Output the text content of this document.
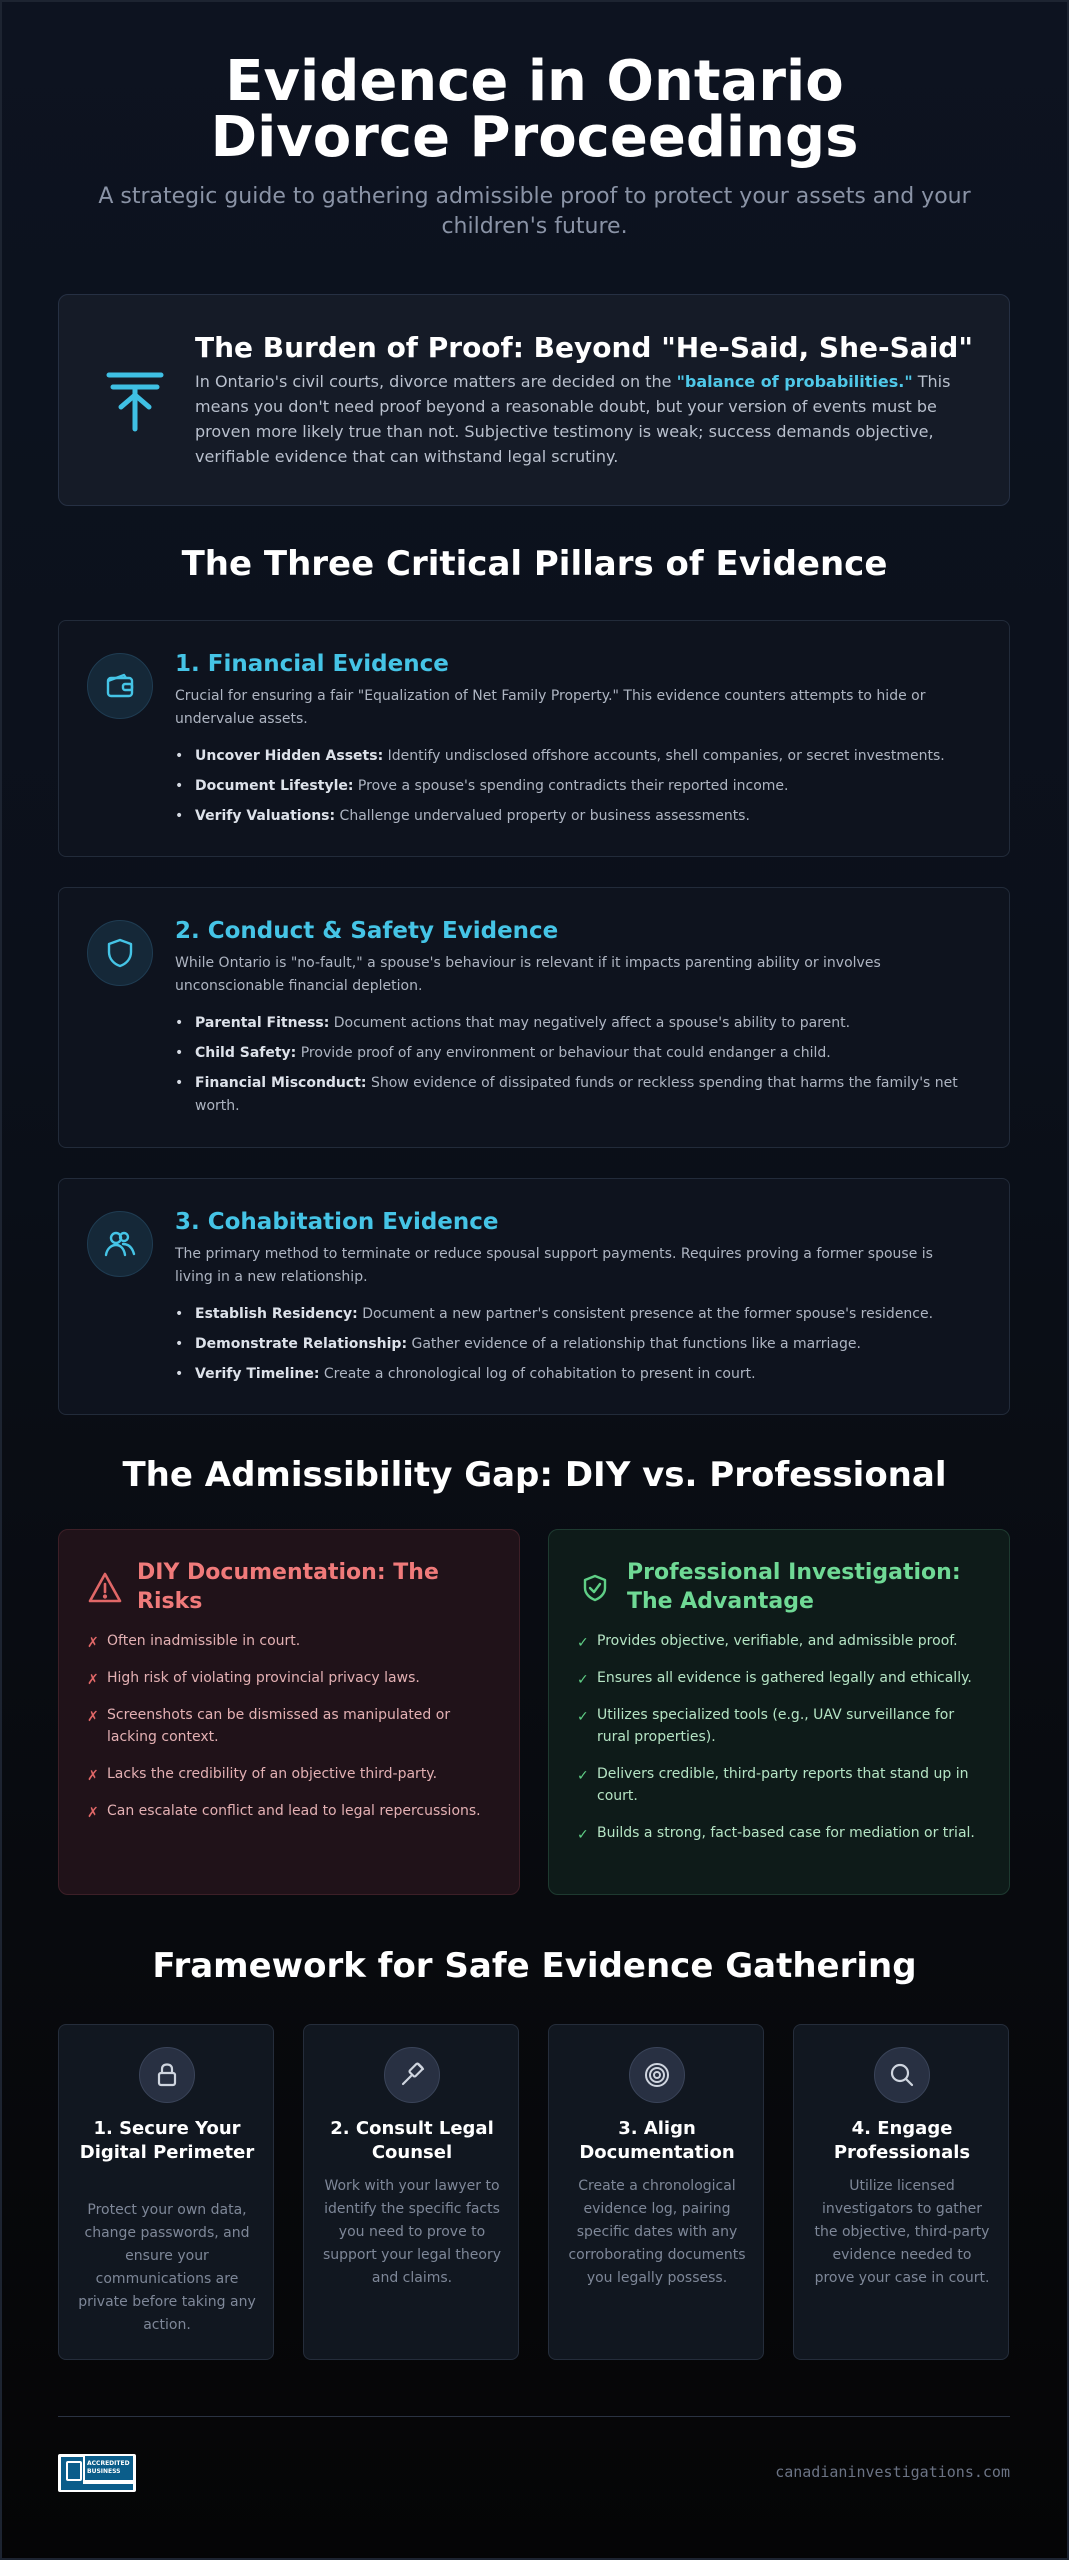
Evidence in Ontario Divorce Proceedings

A strategic guide to gathering admissible proof to protect your assets and your children's future.

The Burden of Proof: Beyond "He-Said, She-Said"

In Ontario's civil courts, divorce matters are decided on the "balance of probabilities." This means you don't need proof beyond a reasonable doubt, but your version of events must be proven more likely true than not. Subjective testimony is weak; success demands objective, verifiable evidence that can withstand legal scrutiny.

The Three Critical Pillars of Evidence
1. Financial Evidence

Crucial for ensuring a fair "Equalization of Net Family Property." This evidence counters attempts to hide or undervalue assets.

• Uncover Hidden Assets: Identify undisclosed offshore accounts, shell companies, or secret investments.
• Document Lifestyle: Prove a spouse's spending contradicts their reported income.
• Verify Valuations: Challenge undervalued property or business assessments.
2. Conduct & Safety Evidence

While Ontario is "no-fault," a spouse's behaviour is relevant if it impacts parenting ability or involves unconscionable financial depletion.

• Parental Fitness: Document actions that may negatively affect a spouse's ability to parent.
• Child Safety: Provide proof of any environment or behaviour that could endanger a child.
• Financial Misconduct: Show evidence of dissipated funds or reckless spending that harms the family's net worth.
3. Cohabitation Evidence

The primary method to terminate or reduce spousal support payments. Requires proving a former spouse is living in a new relationship.

• Establish Residency: Document a new partner's consistent presence at the former spouse's residence.
• Demonstrate Relationship: Gather evidence of a relationship that functions like a marriage.
• Verify Timeline: Create a chronological log of cohabitation to present in court.
The Admissibility Gap: DIY vs. Professional
DIY Documentation: The Risks
✗ Often inadmissible in court.
✗ High risk of violating provincial privacy laws.
✗ Screenshots can be dismissed as manipulated or lacking context.
✗ Lacks the credibility of an objective third-party.
✗ Can escalate conflict and lead to legal repercussions.
Professional Investigation: The Advantage
✓ Provides objective, verifiable, and admissible proof.
✓ Ensures all evidence is gathered legally and ethically.
✓ Utilizes specialized tools (e.g., UAV surveillance for rural properties).
✓ Delivers credible, third-party reports that stand up in court.
✓ Builds a strong, fact-based case for mediation or trial.
Framework for Safe Evidence Gathering
1. Secure Your Digital Perimeter

Protect your own data, change passwords, and ensure your communications are private before taking any action.

2. Consult Legal Counsel

Work with your lawyer to identify the specific facts you need to prove to support your legal theory and claims.

3. Align Documentation

Create a chronological evidence log, pairing specific dates with any corroborating documents you legally possess.

4. Engage Professionals

Utilize licensed investigators to gather the objective, third-party evidence needed to prove your case in court.

ACCREDITED BUSINESS	canadianinvestigations.com
